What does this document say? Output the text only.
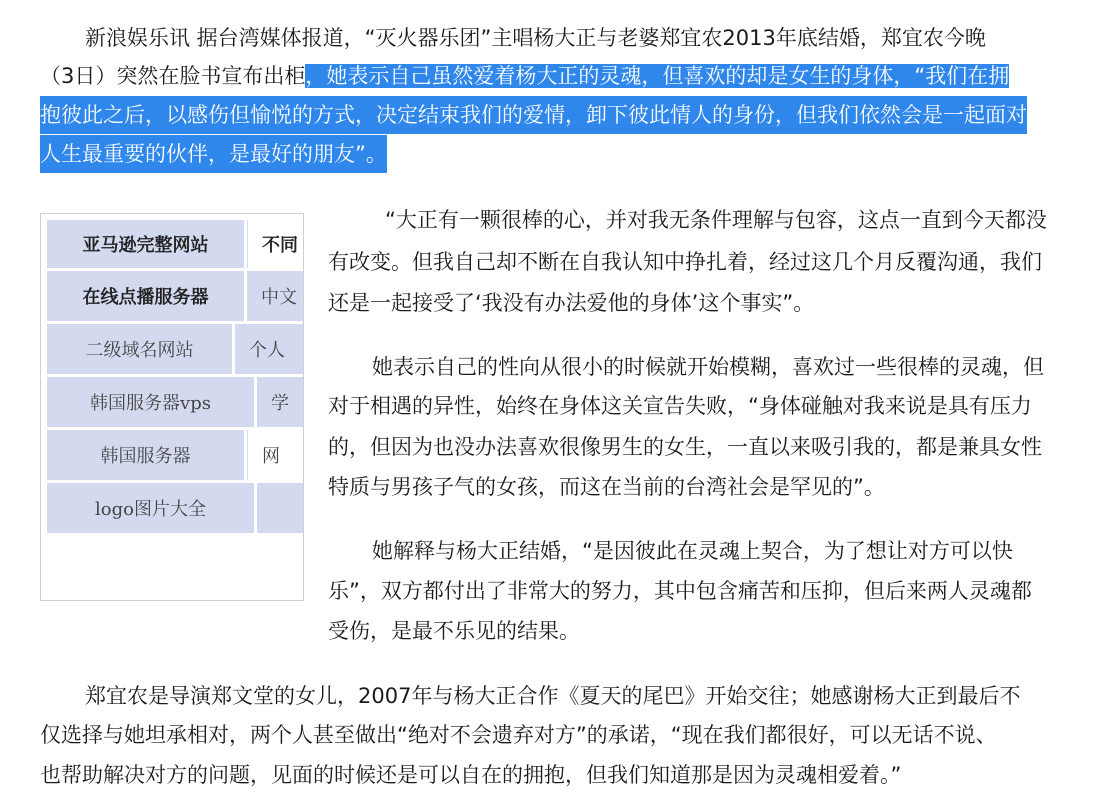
新浪娱乐讯 据台湾媒体报道，“灭火器乐团”主唱杨大正与老婆郑宜农2013年底结婚，郑宜农今晚
（3日）突然在脸书宣布出柜，她表示自己虽然爱着杨大正的灵魂，但喜欢的却是女生的身体，“我们在拥
抱彼此之后，以感伤但愉悦的方式，决定结束我们的爱情，卸下彼此情人的身份，但我们依然会是一起面对
人生最重要的伙伴，是最好的朋友”。
亚马逊完整网站	不同
在线点播服务器	中文
二级域名网站	个人
韩国服务器vps	学
韩国服务器	网
logo图片大全
“大正有一颗很棒的心，并对我无条件理解与包容，这点一直到今天都没
有改变。但我自己却不断在自我认知中挣扎着，经过这几个月反覆沟通，我们
还是一起接受了‘我没有办法爱他的身体’这个事实”。
她表示自己的性向从很小的时候就开始模糊，喜欢过一些很棒的灵魂，但
对于相遇的异性，始终在身体这关宣告失败，“身体碰触对我来说是具有压力
的，但因为也没办法喜欢很像男生的女生，一直以来吸引我的，都是兼具女性
特质与男孩子气的女孩，而这在当前的台湾社会是罕见的”。
她解释与杨大正结婚，“是因彼此在灵魂上契合，为了想让对方可以快
乐”，双方都付出了非常大的努力，其中包含痛苦和压抑，但后来两人灵魂都
受伤，是最不乐见的结果。
郑宜农是导演郑文堂的女儿，2007年与杨大正合作《夏天的尾巴》开始交往；她感谢杨大正到最后不
仅选择与她坦承相对，两个人甚至做出“绝对不会遗弃对方”的承诺，“现在我们都很好，可以无话不说、
也帮助解决对方的问题，见面的时候还是可以自在的拥抱，但我们知道那是因为灵魂相爱着。”
